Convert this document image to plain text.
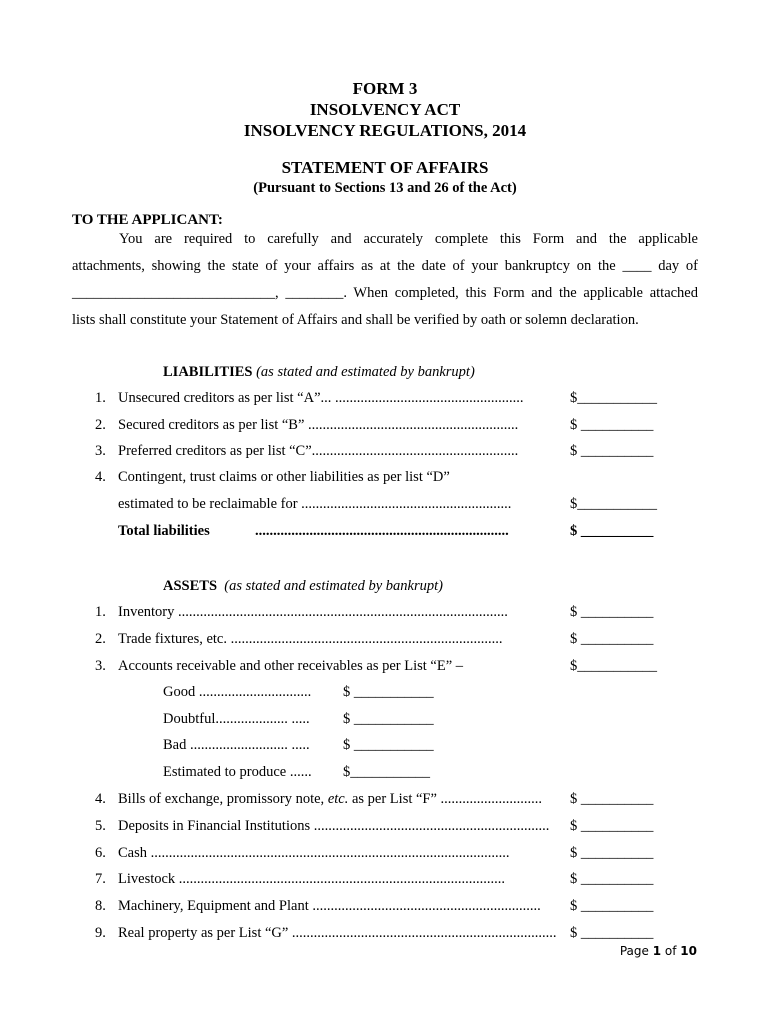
FORM 3
INSOLVENCY ACT
INSOLVENCY REGULATIONS, 2014
STATEMENT OF AFFAIRS
(Pursuant to Sections 13 and 26 of the Act)
TO THE APPLICANT:
You are required to carefully and accurately complete this Form and the applicable
attachments, showing the state of your affairs as at the date of your bankruptcy on the ____ day of
____________________________, ________. When completed, this Form and the applicable attached
lists shall constitute your Statement of Affairs and shall be verified by oath or solemn declaration.
LIABILITIES (as stated and estimated by bankrupt)
1. Unsecured creditors as per list “A”... ....................................................	$___________
2. Secured creditors as per list “B” ..........................................................	$ __________
3. Preferred creditors as per list “C”.........................................................	$ __________
4. Contingent, trust claims or other liabilities as per list “D”
estimated to be reclaimable for ..........................................................	$___________
Total liabilities	......................................................................	$ __________
ASSETS (as stated and estimated by bankrupt)
1. Inventory ...........................................................................................	$ __________
2. Trade fixtures, etc. ...........................................................................	$ __________
3. Accounts receivable and other receivables as per List “E” –	$___________
Good ............................... $ ___________
Doubtful.................... ..... $ ___________
Bad ........................... ..... $ ___________
Estimated to produce ...... $___________
4. Bills of exchange, promissory note, etc. as per List “F” ............................	$ __________
5. Deposits in Financial Institutions .................................................................	$ __________
6. Cash ...................................................................................................	$ __________
7. Livestock ..........................................................................................	$ __________
8. Machinery, Equipment and Plant ...............................................................	$ __________
9. Real property as per List “G” ......................................................................... $ __________
Page 1 of 10
